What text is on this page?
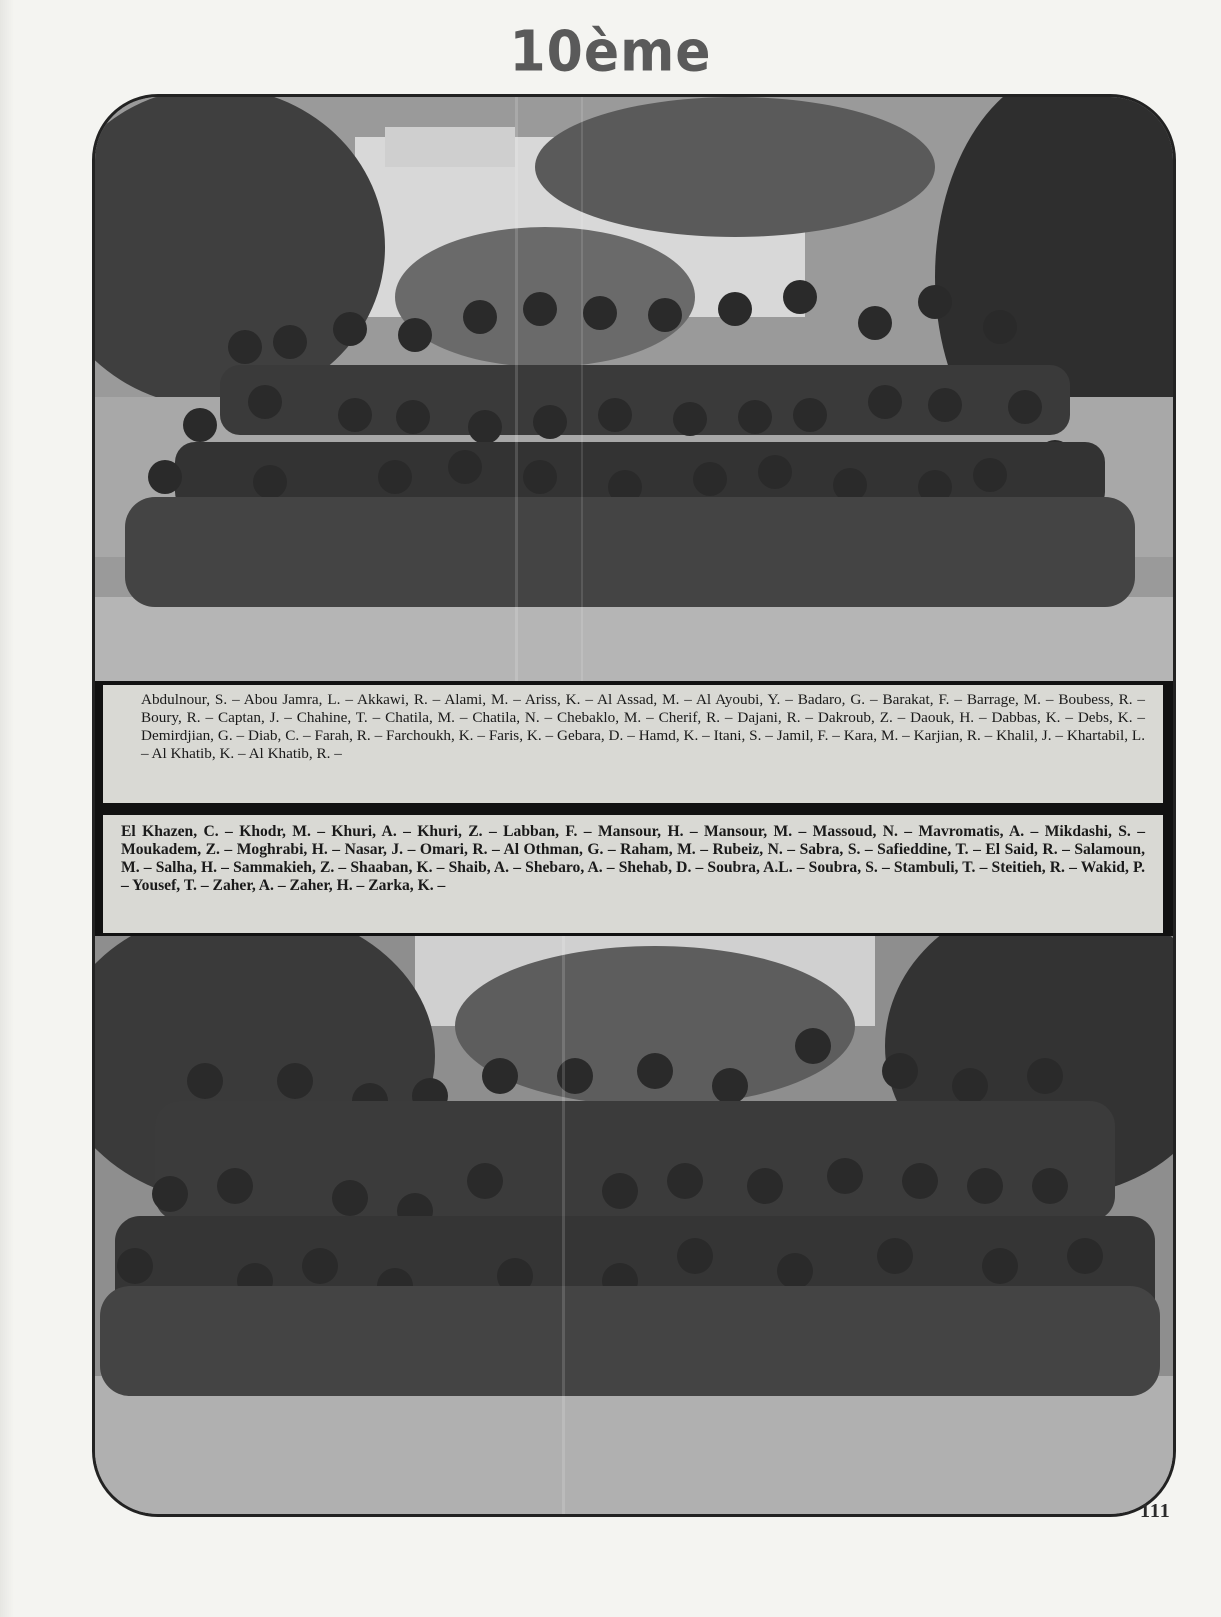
10ème
Abdulnour, S. – Abou Jamra, L. – Akkawi, R. – Alami, M. – Ariss, K. – Al Assad, M. – Al Ayoubi, Y. – Badaro, G. – Barakat, F. – Barrage, M. – Boubess, R. – Boury, R. – Captan, J. – Chahine, T. – Chatila, M. – Chatila, N. – Chebaklo, M. – Cherif, R. – Dajani, R. – Dakroub, Z. – Daouk, H. – Dabbas, K. – Debs, K. – Demirdjian, G. – Diab, C. – Farah, R. – Farchoukh, K. – Faris, K. – Gebara, D. – Hamd, K. – Itani, S. – Jamil, F. – Kara, M. – Karjian, R. – Khalil, J. – Khartabil, L. – Al Khatib, K. – Al Khatib, R. –
El Khazen, C. – Khodr, M. – Khuri, A. – Khuri, Z. – Labban, F. – Mansour, H. – Mansour, M. – Massoud, N. – Mavromatis, A. – Mikdashi, S. – Moukadem, Z. – Moghrabi, H. – Nasar, J. – Omari, R. – Al Othman, G. – Raham, M. – Rubeiz, N. – Sabra, S. – Safieddine, T. – El Said, R. – Salamoun, M. – Salha, H. – Sammakieh, Z. – Shaaban, K. – Shaib, A. – Shebaro, A. – Shehab, D. – Soubra, A.L. – Soubra, S. – Stambuli, T. – Steitieh, R. – Wakid, P. – Yousef, T. – Zaher, A. – Zaher, H. – Zarka, K. –
111
